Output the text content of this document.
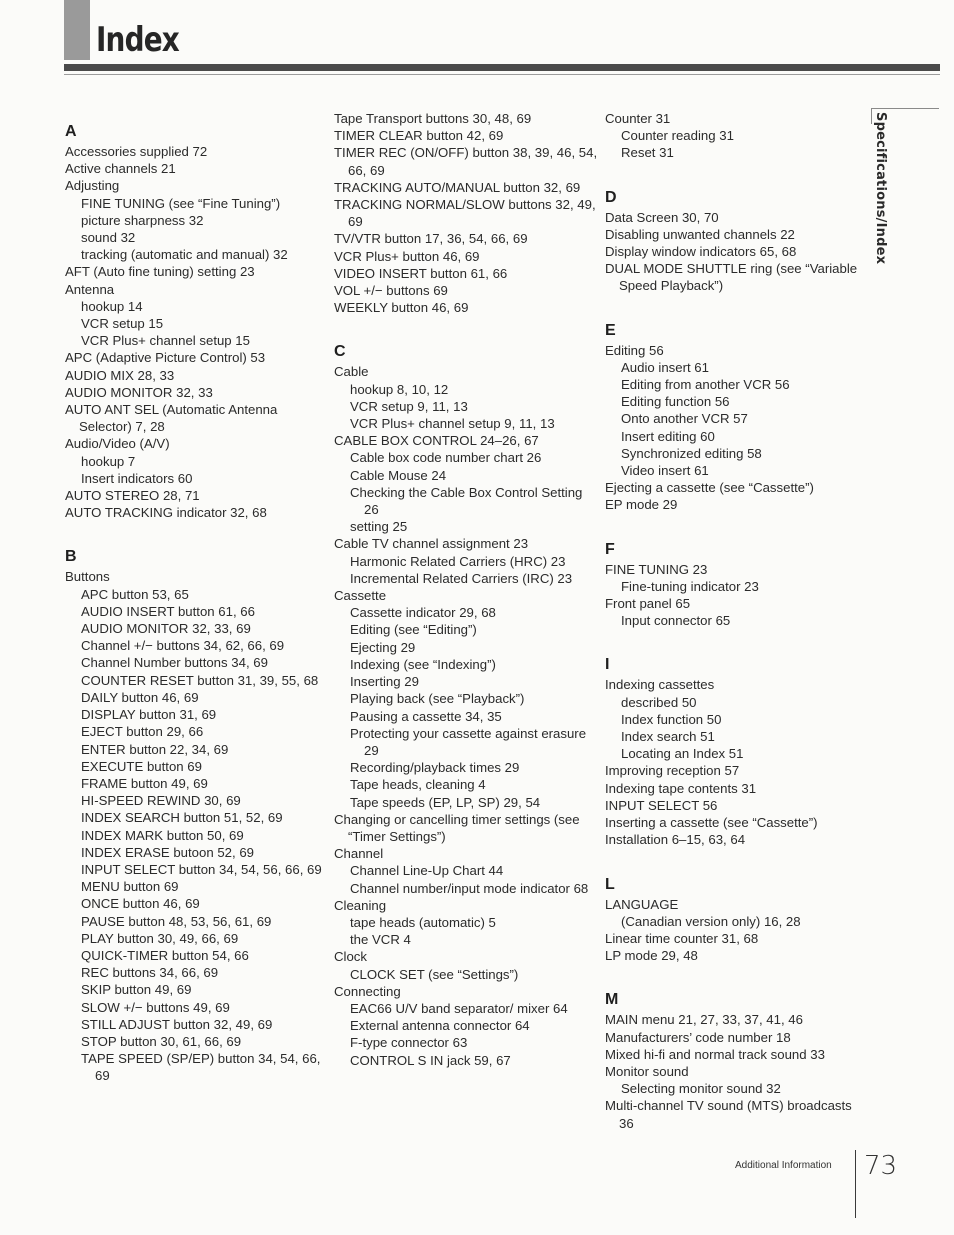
Index
A
Accessories supplied 72
Active channels 21
Adjusting
FINE TUNING (see “Fine Tuning”)
picture sharpness 32
sound 32
tracking (automatic and manual) 32
AFT (Auto fine tuning) setting 23
Antenna
hookup 14
VCR setup 15
VCR Plus+ channel setup 15
APC (Adaptive Picture Control) 53
AUDIO MIX 28, 33
AUDIO MONITOR 32, 33
AUTO ANT SEL (Automatic Antenna Selector) 7, 28
Audio/Video (A/V)
hookup 7
Insert indicators 60
AUTO STEREO 28, 71
AUTO TRACKING indicator 32, 68
B
Buttons
APC button 53, 65
AUDIO INSERT button 61, 66
AUDIO MONITOR 32, 33, 69
Channel +/− buttons 34, 62, 66, 69
Channel Number buttons 34, 69
COUNTER RESET button 31, 39, 55, 68
DAILY button 46, 69
DISPLAY button 31, 69
EJECT button 29, 66
ENTER button 22, 34, 69
EXECUTE button 69
FRAME button 49, 69
HI-SPEED REWIND 30, 69
INDEX SEARCH button 51, 52, 69
INDEX MARK button 50, 69
INDEX ERASE butoon 52, 69
INPUT SELECT button 34, 54, 56, 66, 69
MENU button 69
ONCE button 46, 69
PAUSE button 48, 53, 56, 61, 69
PLAY button 30, 49, 66, 69
QUICK-TIMER button 54, 66
REC buttons 34, 66, 69
SKIP button 49, 69
SLOW +/− buttons 49, 69
STILL ADJUST button 32, 49, 69
STOP button 30, 61, 66, 69
TAPE SPEED (SP/EP) button 34, 54, 66, 69
Tape Transport buttons 30, 48, 69
TIMER CLEAR button 42, 69
TIMER REC (ON/OFF) button 38, 39, 46, 54, 66, 69
TRACKING AUTO/MANUAL button 32, 69
TRACKING NORMAL/SLOW buttons 32, 49, 69
TV/VTR button 17, 36, 54, 66, 69
VCR Plus+ button 46, 69
VIDEO INSERT button 61, 66
VOL +/− buttons 69
WEEKLY button 46, 69
C
Cable
hookup 8, 10, 12
VCR setup 9, 11, 13
VCR Plus+ channel setup 9, 11, 13
CABLE BOX CONTROL 24–26, 67
Cable box code number chart 26
Cable Mouse 24
Checking the Cable Box Control Setting 26
setting 25
Cable TV channel assignment 23
Harmonic Related Carriers (HRC) 23
Incremental Related Carriers (IRC) 23
Cassette
Cassette indicator 29, 68
Editing (see “Editing”)
Ejecting 29
Indexing (see “Indexing”)
Inserting 29
Playing back (see “Playback”)
Pausing a cassette 34, 35
Protecting your cassette against erasure 29
Recording/playback times 29
Tape heads, cleaning 4
Tape speeds (EP, LP, SP) 29, 54
Changing or cancelling timer settings (see “Timer Settings”)
Channel
Channel Line-Up Chart 44
Channel number/input mode indicator 68
Cleaning
tape heads (automatic) 5
the VCR 4
Clock
CLOCK SET (see “Settings”)
Connecting
EAC66 U/V band separator/ mixer 64
External antenna connector 64
F-type connector 63
CONTROL S IN jack 59, 67
Counter 31
Counter reading 31
Reset 31
D
Data Screen 30, 70
Disabling unwanted channels 22
Display window indicators 65, 68
DUAL MODE SHUTTLE ring (see “Variable Speed Playback”)
E
Editing 56
Audio insert 61
Editing from another VCR 56
Editing function 56
Onto another VCR 57
Insert editing 60
Synchronized editing 58
Video insert 61
Ejecting a cassette (see “Cassette”)
EP mode 29
F
FINE TUNING 23
Fine-tuning indicator 23
Front panel 65
Input connector 65
I
Indexing cassettes
described 50
Index function 50
Index search 51
Locating an Index 51
Improving reception 57
Indexing tape contents 31
INPUT SELECT 56
Inserting a cassette (see “Cassette”)
Installation 6–15, 63, 64
L
LANGUAGE
(Canadian version only) 16, 28
Linear time counter 31, 68
LP mode 29, 48
M
MAIN menu 21, 27, 33, 37, 41, 46
Manufacturers’ code number 18
Mixed hi-fi and normal track sound 33
Monitor sound
Selecting monitor sound 32
Multi-channel TV sound (MTS) broadcasts 36
Specifications/Index
Additional Information 73
